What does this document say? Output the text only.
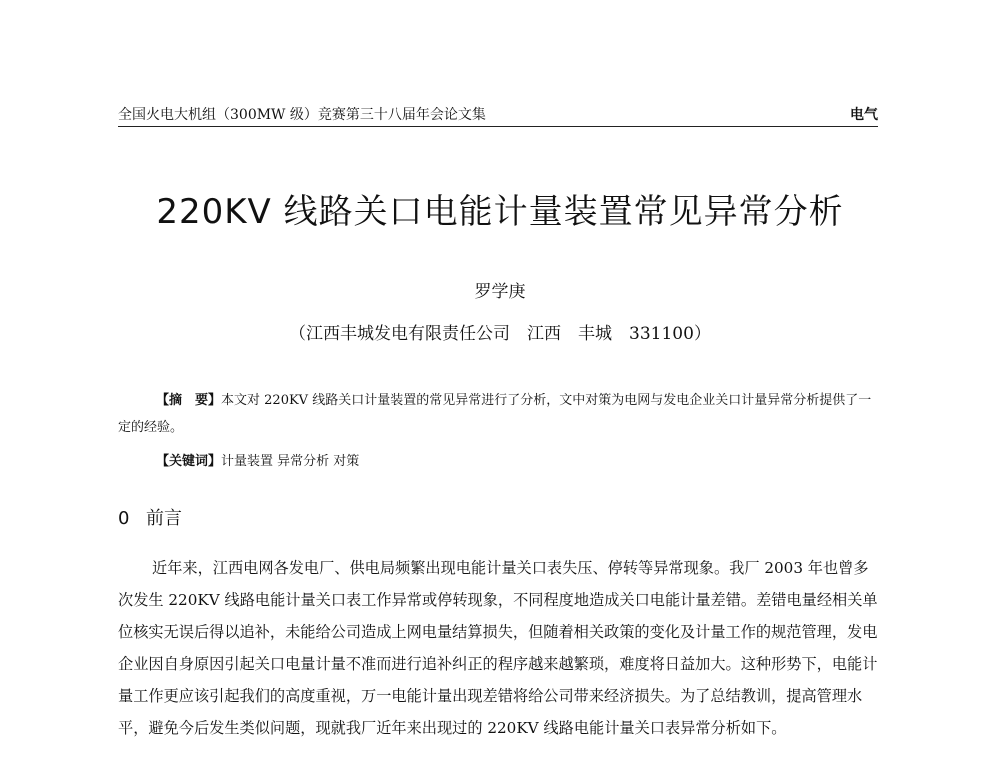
全国火电大机组（300MW 级）竞赛第三十八届年会论文集	电气
220KV 线路关口电能计量装置常见异常分析
罗学庚
（江西丰城发电有限责任公司　江西　丰城　331100）

【摘　要】本文对 220KV 线路关口计量装置的常见异常进行了分析，文中对策为电网与发电企业关口计量异常分析提供了一定的经验。

【关键词】计量装置 异常分析 对策
0 前言

近年来，江西电网各发电厂、供电局频繁出现电能计量关口表失压、停转等异常现象。我厂 2003 年也曾多次发生 220KV 线路电能计量关口表工作异常或停转现象，不同程度地造成关口电能计量差错。差错电量经相关单位核实无误后得以追补，未能给公司造成上网电量结算损失，但随着相关政策的变化及计量工作的规范管理，发电企业因自身原因引起关口电量计量不准而进行追补纠正的程序越来越繁琐，难度将日益加大。这种形势下，电能计量工作更应该引起我们的高度重视，万一电能计量出现差错将给公司带来经济损失。为了总结教训，提高管理水平，避免今后发生类似问题，现就我厂近年来出现过的 220KV 线路电能计量关口表异常分析如下。
